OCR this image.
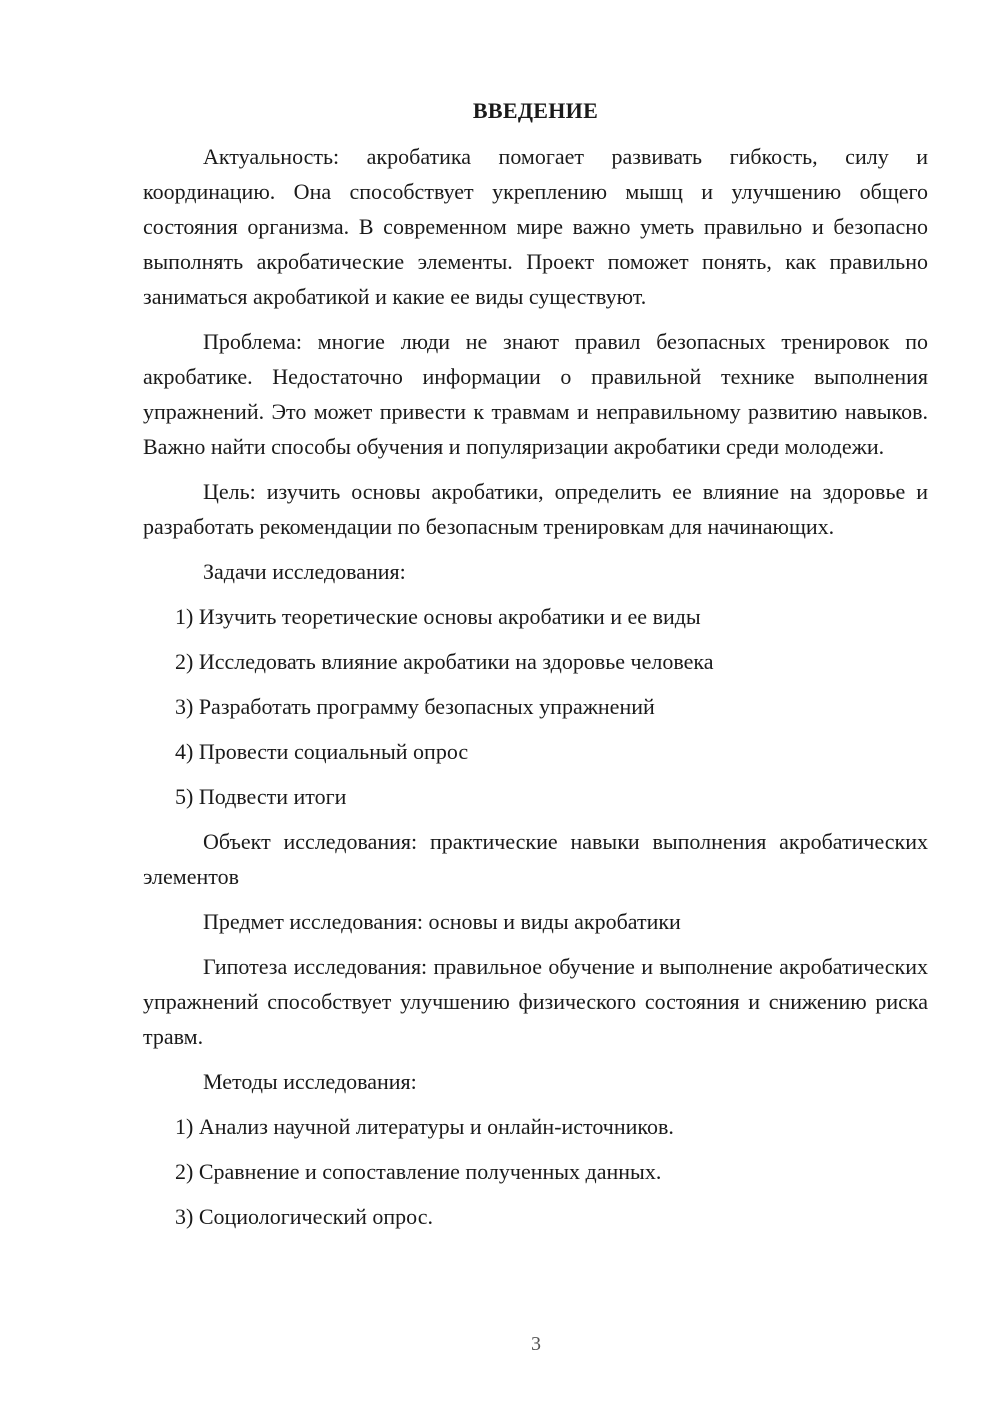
ВВЕДЕНИЕ

Актуальность: акробатика помогает развивать гибкость, силу и координацию. Она способствует укреплению мышц и улучшению общего состояния организма. В современном мире важно уметь правильно и безопасно выполнять акробатические элементы. Проект поможет понять, как правильно заниматься акробатикой и какие ее виды существуют.

Проблема: многие люди не знают правил безопасных тренировок по акробатике. Недостаточно информации о правильной технике выполнения упражнений. Это может привести к травмам и неправильному развитию навыков. Важно найти способы обучения и популяризации акробатики среди молодежи.

Цель: изучить основы акробатики, определить ее влияние на здоровье и разработать рекомендации по безопасным тренировкам для начинающих.

Задачи исследования:

1) Изучить теоретические основы акробатики и ее виды
2) Исследовать влияние акробатики на здоровье человека
3) Разработать программу безопасных упражнений
4) Провести социальный опрос
5) Подвести итоги

Объект исследования: практические навыки выполнения акробатических элементов

Предмет исследования: основы и виды акробатики

Гипотеза исследования: правильное обучение и выполнение акробатических упражнений способствует улучшению физического состояния и снижению риска травм.

Методы исследования:

1) Анализ научной литературы и онлайн-источников.
2) Сравнение и сопоставление полученных данных.
3) Социологический опрос.
3
